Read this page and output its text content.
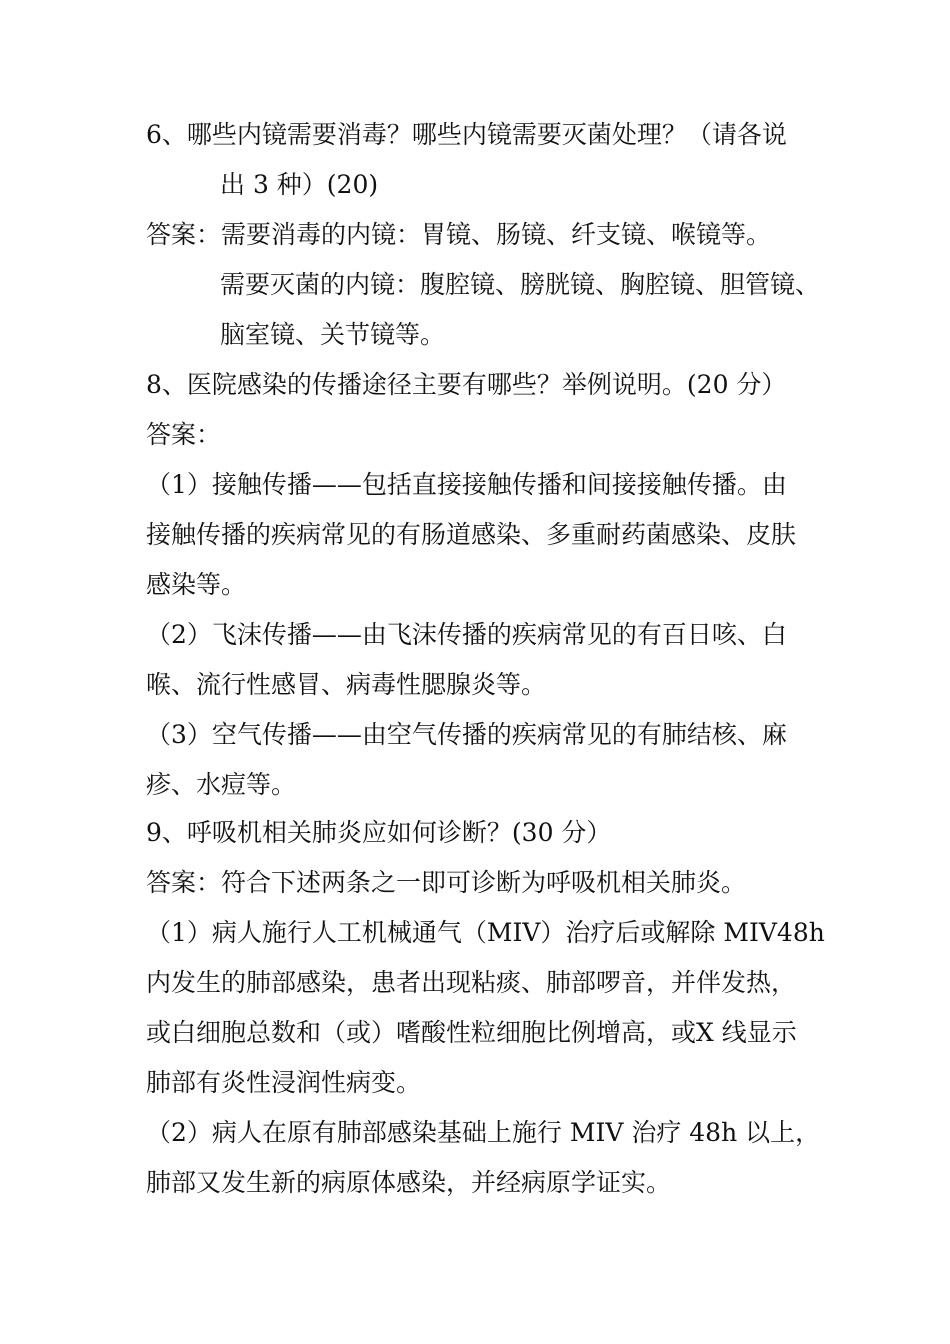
6、哪些内镜需要消毒？哪些内镜需要灭菌处理？（请各说
出 3 种）(20)
答案：需要消毒的内镜：胃镜、肠镜、纤支镜、喉镜等。
需要灭菌的内镜：腹腔镜、膀胱镜、胸腔镜、胆管镜、
脑室镜、关节镜等。
8、医院感染的传播途径主要有哪些？举例说明。(20 分）
答案：
（1）接触传播——包括直接接触传播和间接接触传播。由
接触传播的疾病常见的有肠道感染、多重耐药菌感染、皮肤
感染等。
（2）飞沫传播——由飞沫传播的疾病常见的有百日咳、白
喉、流行性感冒、病毒性腮腺炎等。
（3）空气传播——由空气传播的疾病常见的有肺结核、麻
疹、水痘等。
9、呼吸机相关肺炎应如何诊断？(30 分）
答案：符合下述两条之一即可诊断为呼吸机相关肺炎。
（1）病人施行人工机械通气（MIV）治疗后或解除 MIV48h
内发生的肺部感染，患者出现粘痰、肺部啰音，并伴发热，
或白细胞总数和（或）嗜酸性粒细胞比例增高，或X 线显示
肺部有炎性浸润性病变。
（2）病人在原有肺部感染基础上施行 MIV 治疗 48h 以上，
肺部又发生新的病原体感染，并经病原学证实。
